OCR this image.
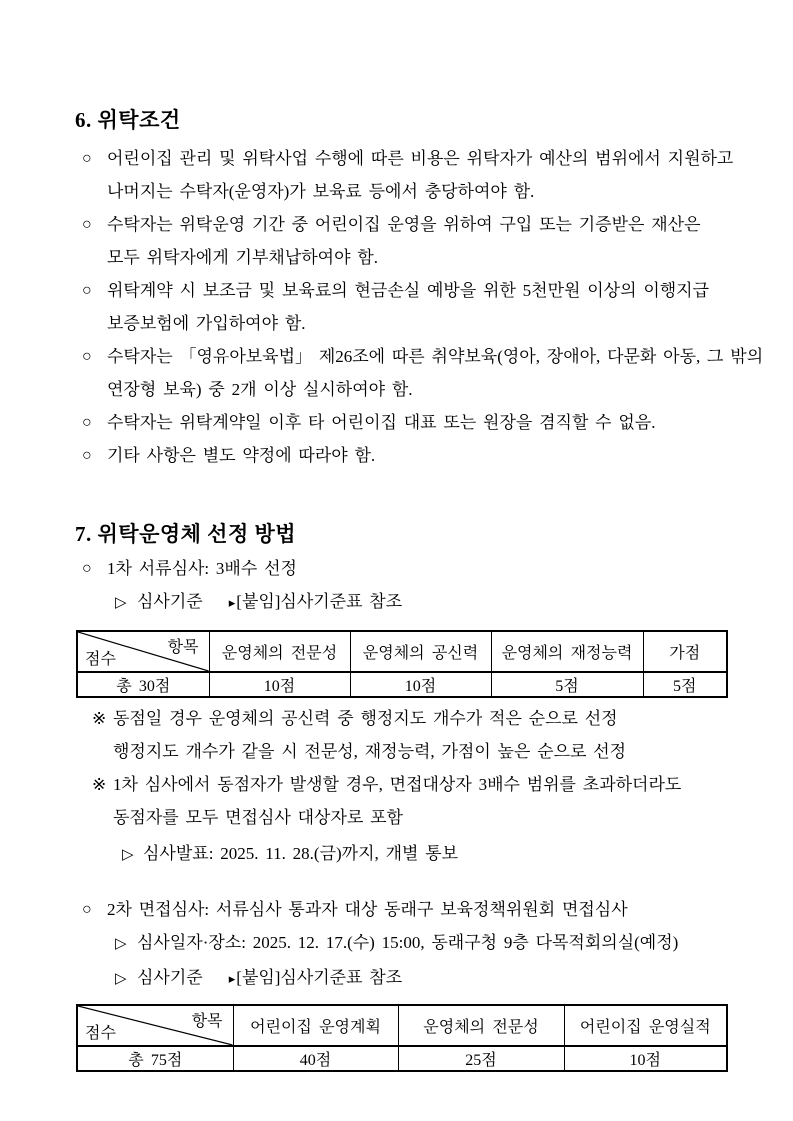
6. 위탁조건
○ 어린이집 관리 및 위탁사업 수행에 따른 비용은 위탁자가 예산의 범위에서 지원하고
나머지는 수탁자(운영자)가 보육료 등에서 충당하여야 함.
○ 수탁자는 위탁운영 기간 중 어린이집 운영을 위하여 구입 또는 기증받은 재산은
모두 위탁자에게 기부채납하여야 함.
○ 위탁계약 시 보조금 및 보육료의 현금손실 예방을 위한 5천만원 이상의 이행지급
보증보험에 가입하여야 함.
○ 수탁자는 「영유아보육법」 제26조에 따른 취약보육(영아, 장애아, 다문화 아동, 그 밖의
연장형 보육) 중 2개 이상 실시하여야 함.
○ 수탁자는 위탁계약일 이후 타 어린이집 대표 또는 원장을 겸직할 수 없음.
○ 기타 사항은 별도 약정에 따라야 함.
7. 위탁운영체 선정 방법
○ 1차 서류심사: 3배수 선정
▷ 심사기준 ▸[붙임]심사기준표 참조
항목
점수	운영체의 전문성	운영체의 공신력	운영체의 재정능력	가점
총 30점	10점	10점	5점	5점
※ 동점일 경우 운영체의 공신력 중 행정지도 개수가 적은 순으로 선정
행정지도 개수가 같을 시 전문성, 재정능력, 가점이 높은 순으로 선정
※ 1차 심사에서 동점자가 발생할 경우, 면접대상자 3배수 범위를 초과하더라도
동점자를 모두 면접심사 대상자로 포함
▷ 심사발표: 2025. 11. 28.(금)까지, 개별 통보
○ 2차 면접심사: 서류심사 통과자 대상 동래구 보육정책위원회 면접심사
▷ 심사일자·장소: 2025. 12. 17.(수) 15:00, 동래구청 9층 다목적회의실(예정)
▷ 심사기준 ▸[붙임]심사기준표 참조
항목
점수	어린이집 운영계획	운영체의 전문성	어린이집 운영실적
총 75점	40점	25점	10점
